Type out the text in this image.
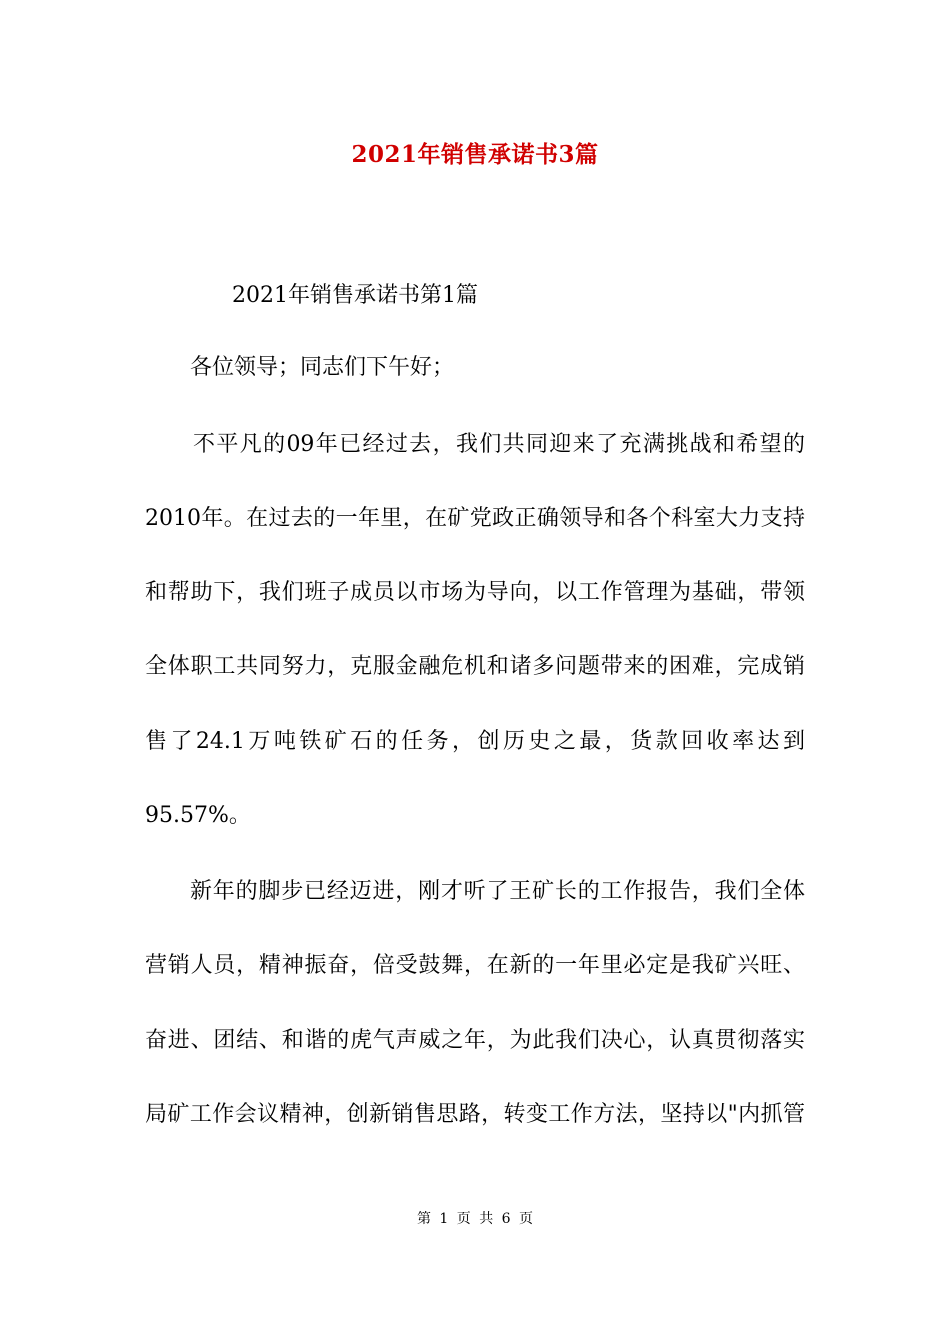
2021年销售承诺书3篇
2021年销售承诺书第1篇
各位领导；同志们下午好；
不平凡的09年已经过去，我们共同迎来了充满挑战和希望的
2010年。在过去的一年里，在矿党政正确领导和各个科室大力支持
和帮助下，我们班子成员以市场为导向，以工作管理为基础，带领
全体职工共同努力，克服金融危机和诸多问题带来的困难，完成销
售了24.1万吨铁矿石的任务，创历史之最，货款回收率达到
95.57%。
新年的脚步已经迈进，刚才听了王矿长的工作报告，我们全体
营销人员，精神振奋，倍受鼓舞，在新的一年里必定是我矿兴旺、
奋进、团结、和谐的虎气声威之年，为此我们决心，认真贯彻落实
局矿工作会议精神，创新销售思路，转变工作方法，坚持以"内抓管
第 1 页 共 6 页
